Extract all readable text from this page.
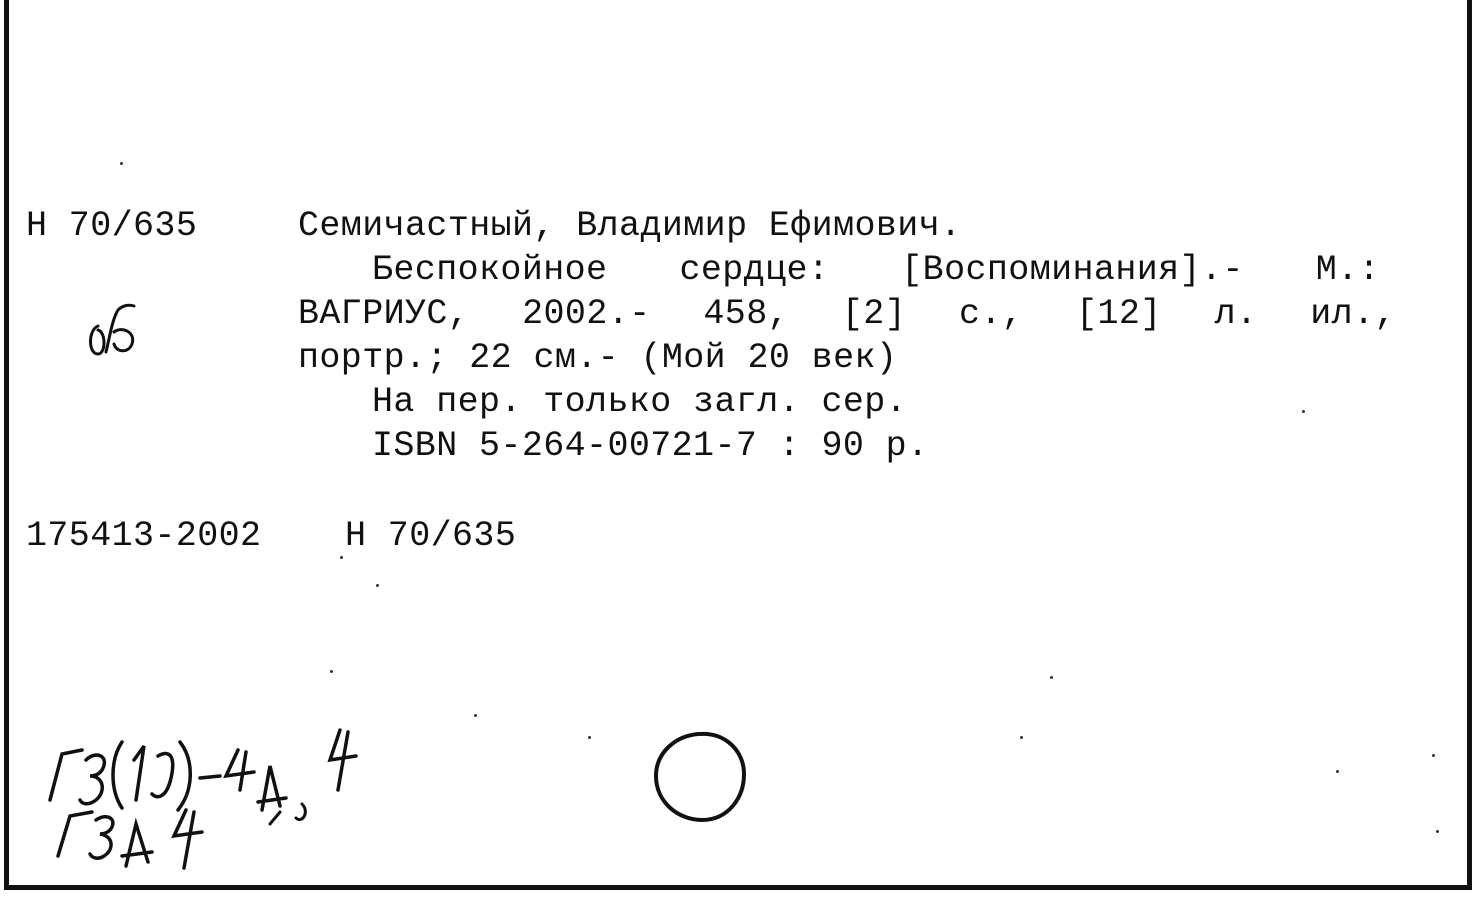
Н 70/635	Семичастный, Владимир Ефимович.
Беспокойное сердце: [Воспоминания].- М.:
ВАГРИУС, 2002.- 458, [2] с., [12] л. ил.,
портр.; 22 см.- (Мой 20 век)
На пер. только загл. сер.
ISBN 5-264-00721-7 : 90 р.
175413-2002 Н 70/635
